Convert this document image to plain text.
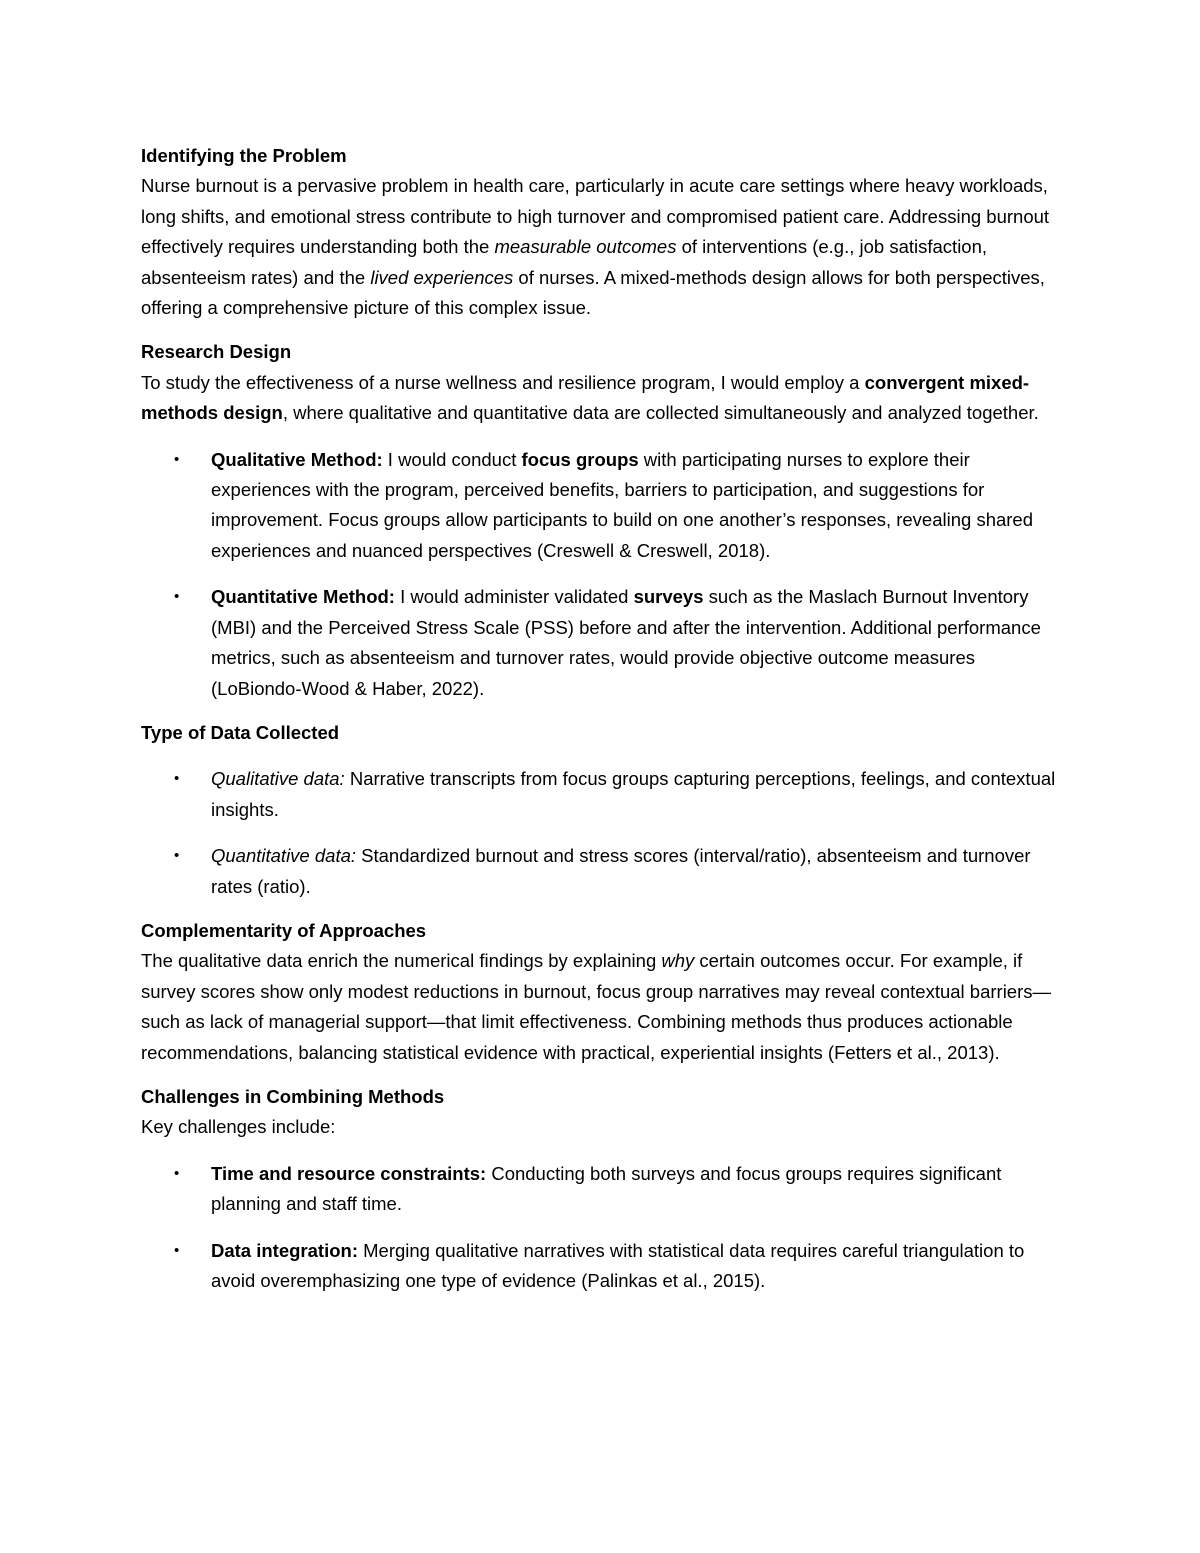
Identifying the Problem

Nurse burnout is a pervasive problem in health care, particularly in acute care settings where heavy workloads, long shifts, and emotional stress contribute to high turnover and compromised patient care. Addressing burnout effectively requires understanding both the measurable outcomes of interventions (e.g., job satisfaction, absenteeism rates) and the lived experiences of nurses. A mixed-methods design allows for both perspectives, offering a comprehensive picture of this complex issue.

Research Design

To study the effectiveness of a nurse wellness and resilience program, I would employ a convergent mixed-methods design, where qualitative and quantitative data are collected simultaneously and analyzed together.

• Qualitative Method: I would conduct focus groups with participating nurses to explore their experiences with the program, perceived benefits, barriers to participation, and suggestions for improvement. Focus groups allow participants to build on one another’s responses, revealing shared experiences and nuanced perspectives (Creswell & Creswell, 2018).
• Quantitative Method: I would administer validated surveys such as the Maslach Burnout Inventory (MBI) and the Perceived Stress Scale (PSS) before and after the intervention. Additional performance metrics, such as absenteeism and turnover rates, would provide objective outcome measures (LoBiondo-Wood & Haber, 2022).
Type of Data Collected
• Qualitative data: Narrative transcripts from focus groups capturing perceptions, feelings, and contextual insights.
• Quantitative data: Standardized burnout and stress scores (interval/ratio), absenteeism and turnover rates (ratio).
Complementarity of Approaches

The qualitative data enrich the numerical findings by explaining why certain outcomes occur. For example, if survey scores show only modest reductions in burnout, focus group narratives may reveal contextual barriers—such as lack of managerial support—that limit effectiveness. Combining methods thus produces actionable recommendations, balancing statistical evidence with practical, experiential insights (Fetters et al., 2013).

Challenges in Combining Methods

Key challenges include:

• Time and resource constraints: Conducting both surveys and focus groups requires significant planning and staff time.
• Data integration: Merging qualitative narratives with statistical data requires careful triangulation to avoid overemphasizing one type of evidence (Palinkas et al., 2015).
